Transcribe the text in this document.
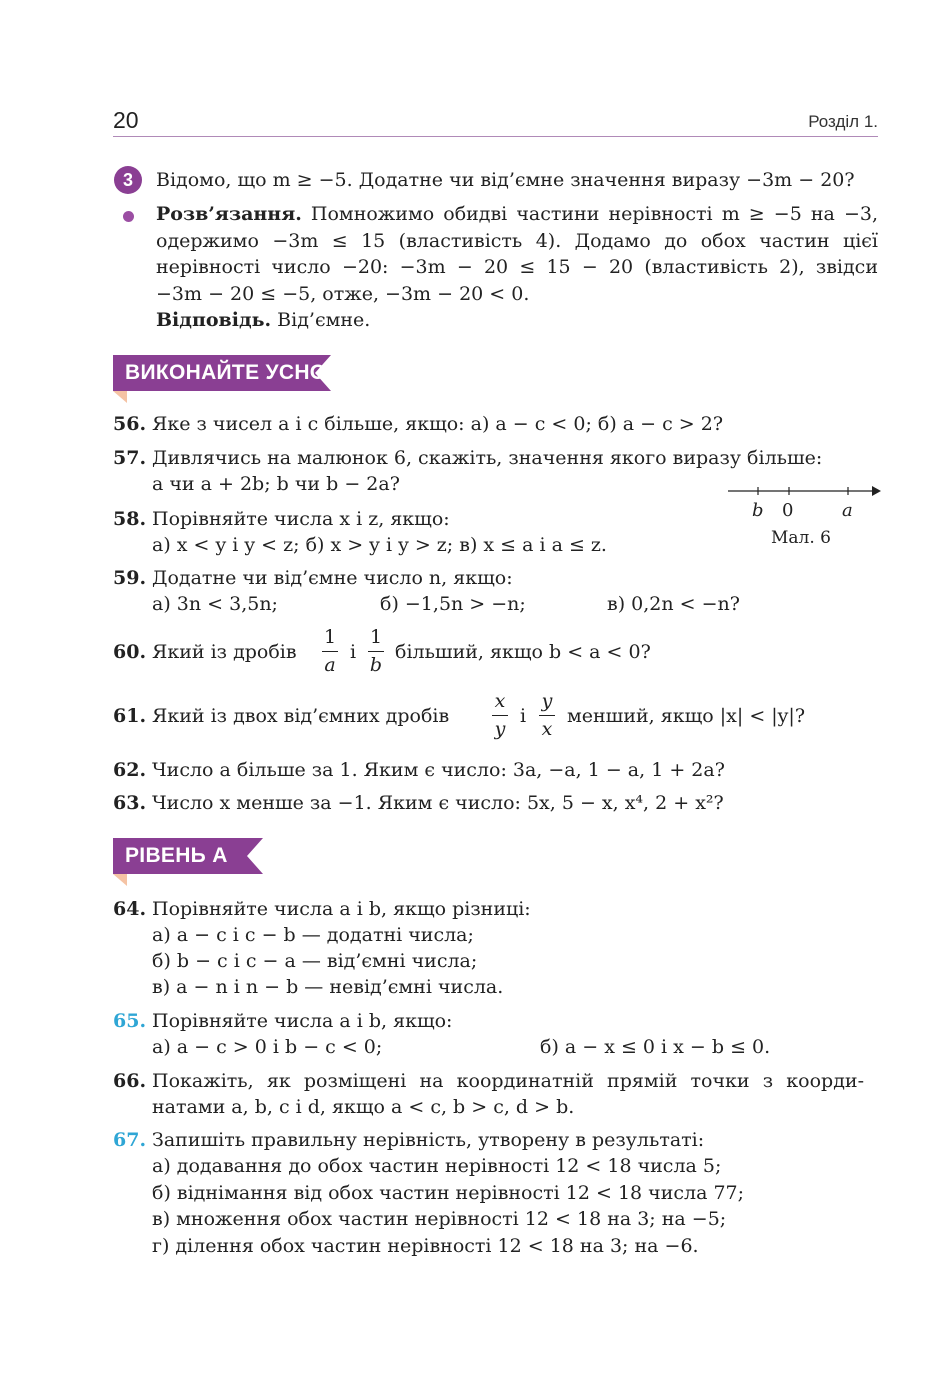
20	Розділ 1.
3	Відомо, що m ≥ −5. Додатне чи від’ємне значення виразу −3m − 20?
Розв’язання. Помножимо обидві частини нерівності m ≥ −5 на −3,
одержимо −3m ≤ 15 (властивість 4). Додамо до обох частин цієї
нерівності число −20: −3m − 20 ≤ 15 − 20 (властивість 2), звідси
−3m − 20 ≤ −5, отже, −3m − 20 < 0.
Відповідь. Від’ємне.
ВИКОНАЙТЕ УСНО
56. Яке з чисел a і c більше, якщо: а) a − c < 0; б) a − c > 2?
57. Дивлячись на малюнок 6, скажіть, значення якого виразу більше:
a чи a + 2b; b чи b − 2a?
b 0	a
Мал. 6
58. Порівняйте числа x і z, якщо:
а) x < y і y < z; б) x > y і y > z; в) x ≤ a і a ≤ z.
59. Додатне чи від’ємне число n, якщо:
а) 3n < 3,5n;	б) −1,5n > −n;	в) 0,2n < −n?
60. Який із дробів
1
a
і
1
b
більший, якщо b < a < 0?
61. Який із двох від’ємних дробів
x
y
і
y
x
менший, якщо |x| < |y|?
62. Число a більше за 1. Яким є число: 3a, −a, 1 − a, 1 + 2a?
63. Число x менше за −1. Яким є число: 5x, 5 − x, x⁴, 2 + x²?
РІВЕНЬ А
64. Порівняйте числа a і b, якщо різниці:
а) a − c і c − b — додатні числа;
б) b − c і c − a — від’ємні числа;
в) a − n і n − b — невід’ємні числа.
65. Порівняйте числа a і b, якщо:
а) a − c > 0 і b − c < 0;	б) a − x ≤ 0 і x − b ≤ 0.
66. Покажіть, як розміщені на координатній прямій точки з коорди-
натами a, b, c і d, якщо a < c, b > c, d > b.
67. Запишіть правильну нерівність, утворену в результаті:
а) додавання до обох частин нерівності 12 < 18 числа 5;
б) віднімання від обох частин нерівності 12 < 18 числа 77;
в) множення обох частин нерівності 12 < 18 на 3; на −5;
г) ділення обох частин нерівності 12 < 18 на 3; на −6.
